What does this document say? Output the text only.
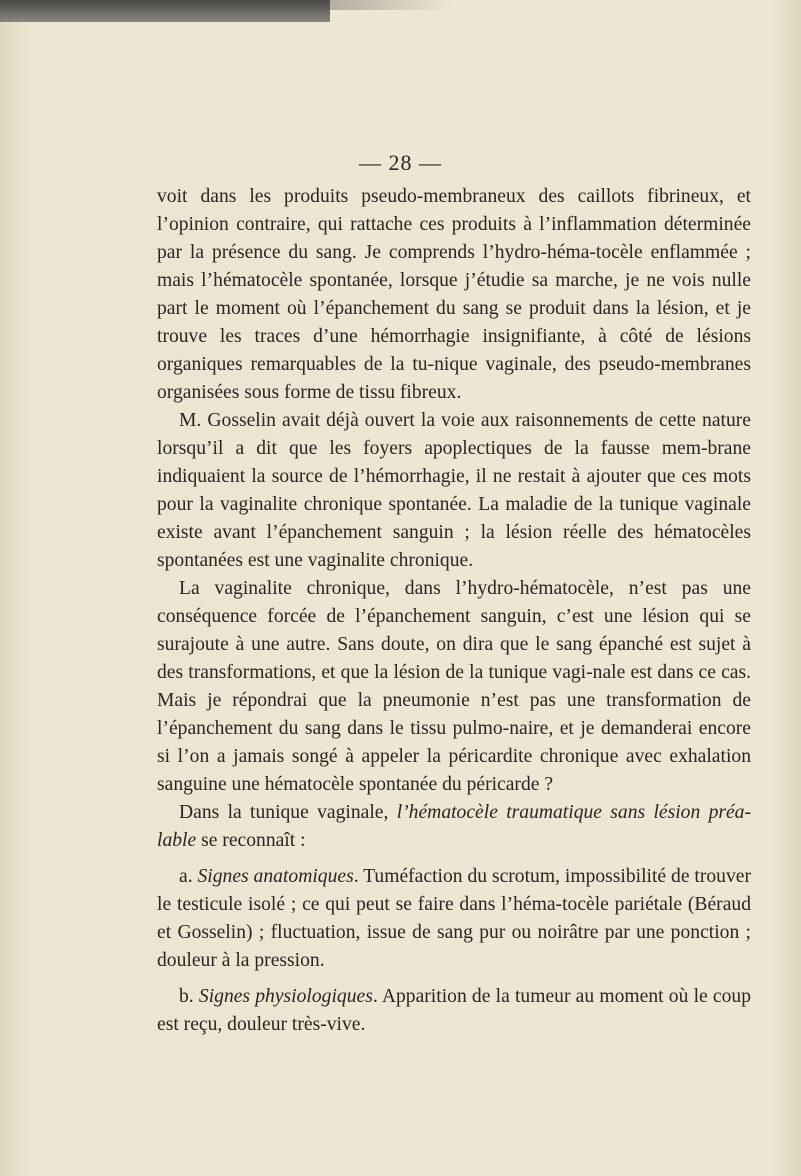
— 28 —

voit dans les produits pseudo-membraneux des caillots fibrineux, et l’opinion contraire, qui rattache ces produits à l’inflammation déterminée par la présence du sang. Je comprends l’hydro-héma-tocèle enflammée ; mais l’hématocèle spontanée, lorsque j’étudie sa marche, je ne vois nulle part le moment où l’épanchement du sang se produit dans la lésion, et je trouve les traces d’une hémorrhagie insignifiante, à côté de lésions organiques remarquables de la tu-nique vaginale, des pseudo-membranes organisées sous forme de tissu fibreux.

M. Gosselin avait déjà ouvert la voie aux raisonnements de cette nature lorsqu’il a dit que les foyers apoplectiques de la fausse mem-brane indiquaient la source de l’hémorrhagie, il ne restait à ajouter que ces mots pour la vaginalite chronique spontanée. La maladie de la tunique vaginale existe avant l’épanchement sanguin ; la lésion réelle des hématocèles spontanées est une vaginalite chronique.

La vaginalite chronique, dans l’hydro-hématocèle, n’est pas une conséquence forcée de l’épanchement sanguin, c’est une lésion qui se surajoute à une autre. Sans doute, on dira que le sang épanché est sujet à des transformations, et que la lésion de la tunique vagi-nale est dans ce cas. Mais je répondrai que la pneumonie n’est pas une transformation de l’épanchement du sang dans le tissu pulmo-naire, et je demanderai encore si l’on a jamais songé à appeler la péricardite chronique avec exhalation sanguine une hématocèle spontanée du péricarde ?

Dans la tunique vaginale, l’hématocèle traumatique sans lésion préa-lable se reconnaît :

a. Signes anatomiques. Tuméfaction du scrotum, impossibilité de trouver le testicule isolé ; ce qui peut se faire dans l’héma-tocèle pariétale (Béraud et Gosselin) ; fluctuation, issue de sang pur ou noirâtre par une ponction ; douleur à la pression.

b. Signes physiologiques. Apparition de la tumeur au moment où le coup est reçu, douleur très-vive.
